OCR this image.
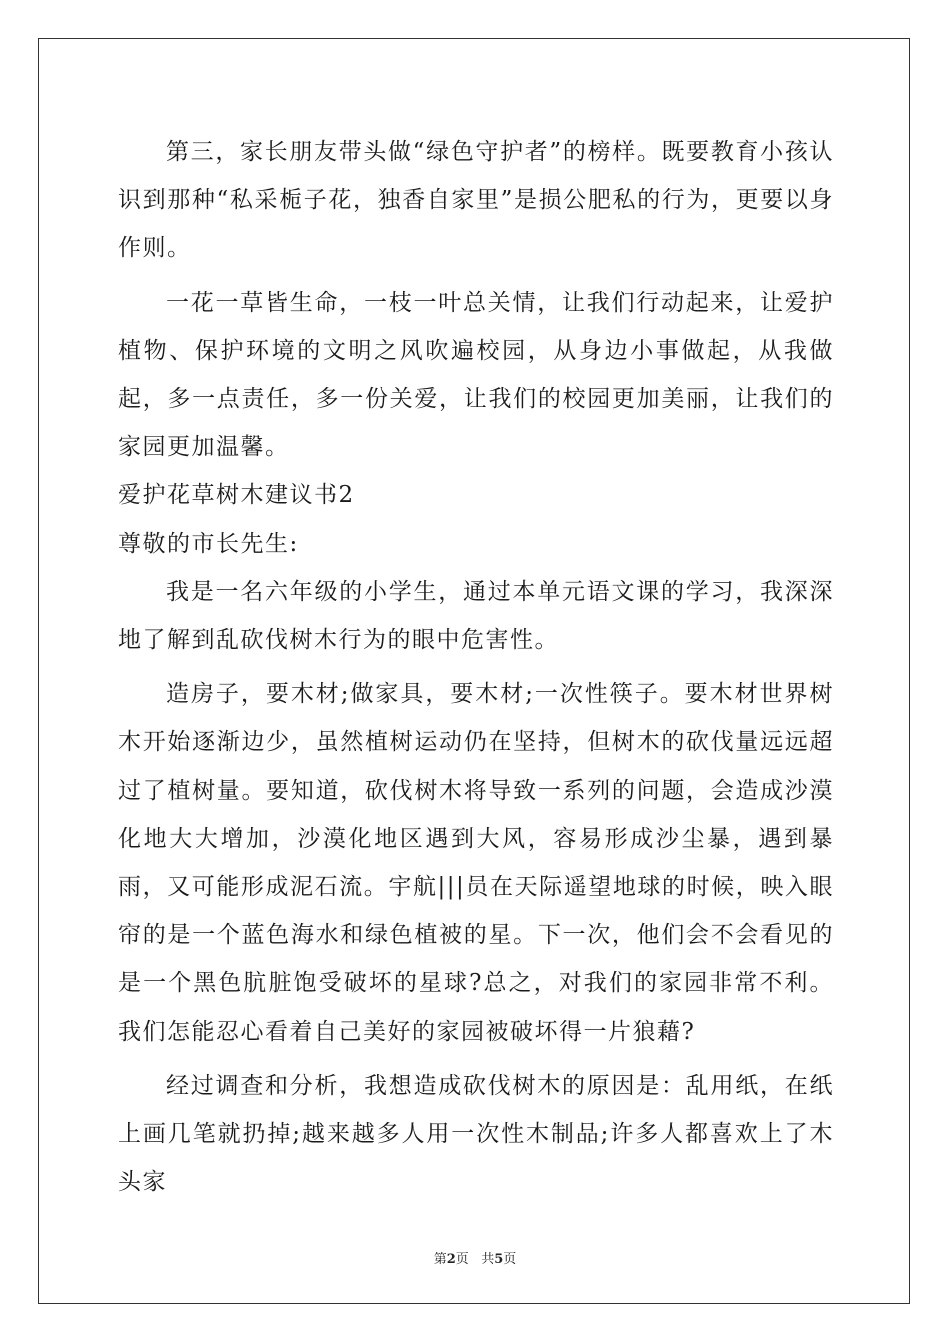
第三，家长朋友带头做“绿色守护者”的榜样。既要教育小孩认识到那种“私采栀子花，独香自家里”是损公肥私的行为，更要以身作则。

一花一草皆生命，一枝一叶总关情，让我们行动起来，让爱护植物、保护环境的文明之风吹遍校园，从身边小事做起，从我做起，多一点责任，多一份关爱，让我们的校园更加美丽，让我们的家园更加温馨。

爱护花草树木建议书2

尊敬的市长先生:

我是一名六年级的小学生，通过本单元语文课的学习，我深深地了解到乱砍伐树木行为的眼中危害性。

造房子，要木材;做家具，要木材;一次性筷子。要木材世界树木开始逐渐边少，虽然植树运动仍在坚持，但树木的砍伐量远远超过了植树量。要知道，砍伐树木将导致一系列的问题，会造成沙漠化地大大增加，沙漠化地区遇到大风，容易形成沙尘暴，遇到暴雨，又可能形成泥石流。宇航|||员在天际遥望地球的时候，映入眼帘的是一个蓝色海水和绿色植被的星。下一次，他们会不会看见的是一个黑色肮脏饱受破坏的星球?总之，对我们的家园非常不利。我们怎能忍心看着自己美好的家园被破坏得一片狼藉?

经过调查和分析，我想造成砍伐树木的原因是：乱用纸，在纸上画几笔就扔掉;越来越多人用一次性木制品;许多人都喜欢上了木头家

第2页 共5页
